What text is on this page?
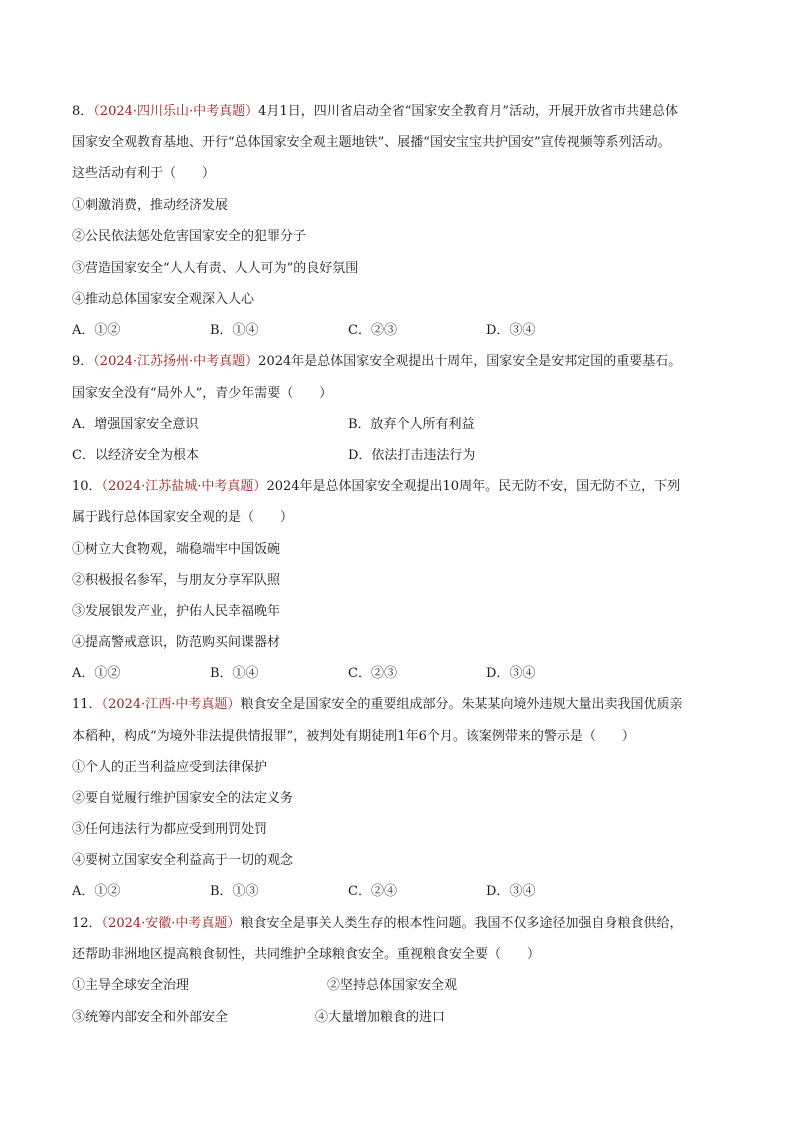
8．（2024·四川乐山·中考真题）4月1日，四川省启动全省“国家安全教育月”活动，开展开放省市共建总体
国家安全观教育基地、开行“总体国家安全观主题地铁”、展播“国安宝宝共护国安”宣传视频等系列活动。
这些活动有利于（　　）
①刺激消费，推动经济发展
②公民依法惩处危害国家安全的犯罪分子
③营造国家安全“人人有责、人人可为”的良好氛围
④推动总体国家安全观深入人心
A．①②	B．①④	C．②③	D．③④
9．（2024·江苏扬州·中考真题）2024年是总体国家安全观提出十周年，国家安全是安邦定国的重要基石。
国家安全没有“局外人”，青少年需要（　　）
A．增强国家安全意识	B．放弃个人所有利益
C．以经济安全为根本	D．依法打击违法行为
10．（2024·江苏盐城·中考真题）2024年是总体国家安全观提出10周年。民无防不安，国无防不立，下列
属于践行总体国家安全观的是（　　）
①树立大食物观，端稳端牢中国饭碗
②积极报名参军，与朋友分享军队照
③发展银发产业，护佑人民幸福晚年
④提高警戒意识，防范购买间谍器材
A．①②	B．①④	C．②③	D．③④
11．（2024·江西·中考真题）粮食安全是国家安全的重要组成部分。朱某某向境外违规大量出卖我国优质亲
本稻种，构成“为境外非法提供情报罪”，被判处有期徒刑1年6个月。该案例带来的警示是（　　）
①个人的正当利益应受到法律保护
②要自觉履行维护国家安全的法定义务
③任何违法行为都应受到刑罚处罚
④要树立国家安全利益高于一切的观念
A．①②	B．①③	C．②④	D．③④
12．（2024·安徽·中考真题）粮食安全是事关人类生存的根本性问题。我国不仅多途径加强自身粮食供给，
还帮助非洲地区提高粮食韧性，共同维护全球粮食安全。重视粮食安全要（　　）
①主导全球安全治理	②坚持总体国家安全观
③统筹内部安全和外部安全	④大量增加粮食的进口
